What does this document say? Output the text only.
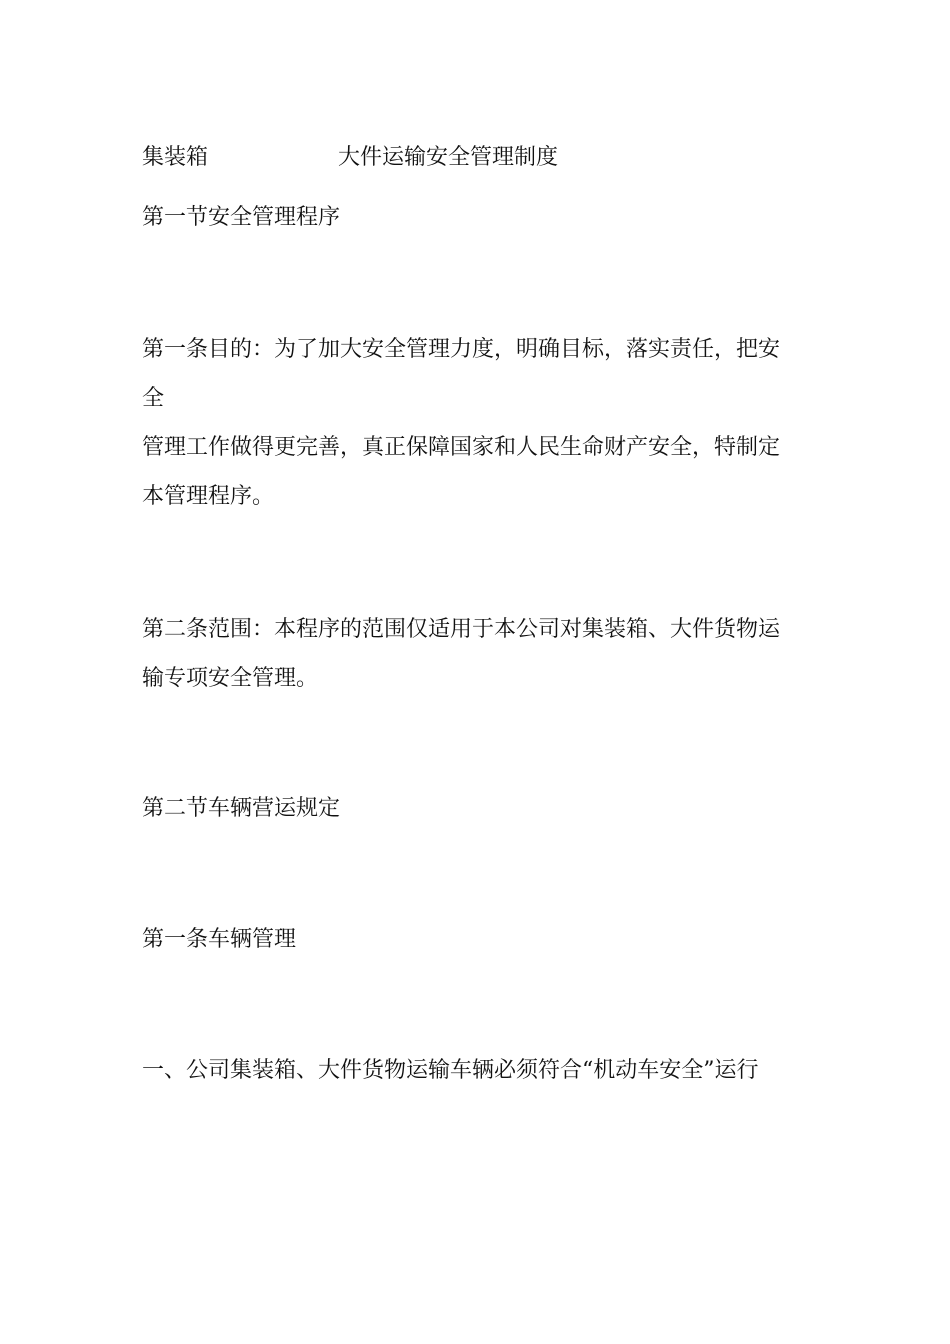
集装箱	大件运输安全管理制度
第一节安全管理程序
第一条目的：为了加大安全管理力度，明确目标，落实责任，把安
全
管理工作做得更完善，真正保障国家和人民生命财产安全，特制定
本管理程序。
第二条范围：本程序的范围仅适用于本公司对集装箱、大件货物运
输专项安全管理。
第二节车辆营运规定
第一条车辆管理
一、公司集装箱、大件货物运输车辆必须符合“机动车安全”运行
